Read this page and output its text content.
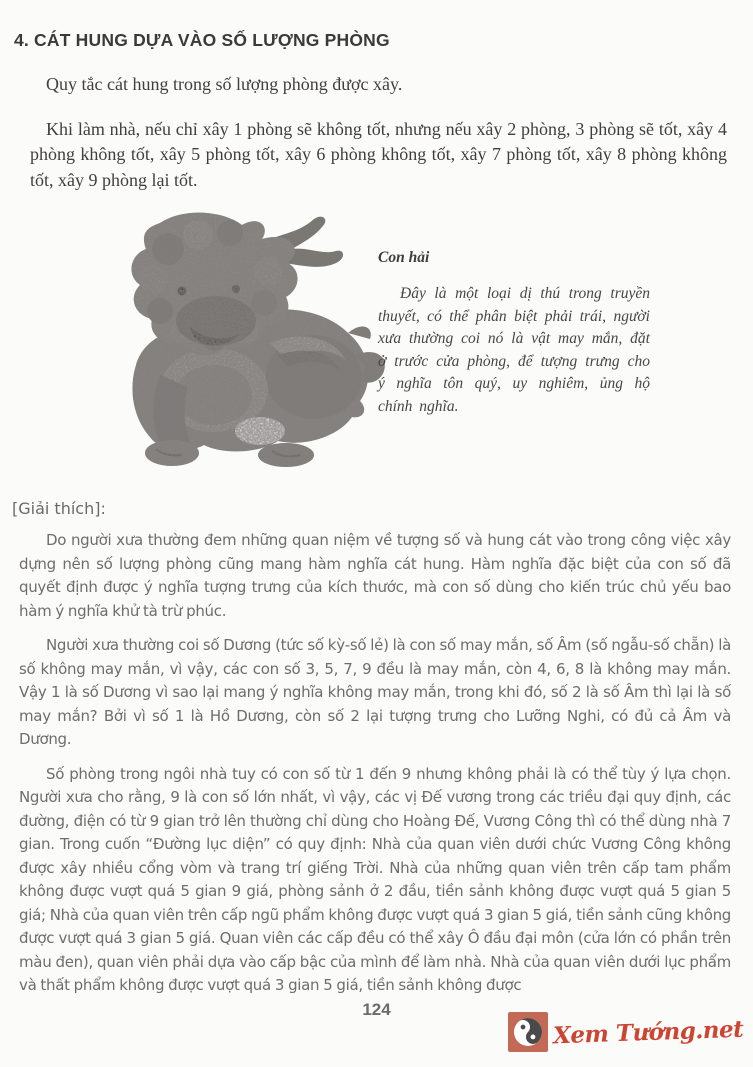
4. CÁT HUNG DỰA VÀO SỐ LƯỢNG PHÒNG

Quy tắc cát hung trong số lượng phòng được xây.

Khi làm nhà, nếu chỉ xây 1 phòng sẽ không tốt, nhưng nếu xây 2 phòng, 3 phòng sẽ tốt, xây 4 phòng không tốt, xây 5 phòng tốt, xây 6 phòng không tốt, xây 7 phòng tốt, xây 8 phòng không tốt, xây 9 phòng lại tốt.

Con hải
Đây là một loại dị thú trong truyền thuyết, có thể phân biệt phải trái, người xưa thường coi nó là vật may mắn, đặt ở trước cửa phòng, để tượng trưng cho ý nghĩa tôn quý, uy nghiêm, ủng hộ chính nghĩa.
[Giải thích]:

Do người xưa thường đem những quan niệm về tượng số và hung cát vào trong công việc xây dựng nên số lượng phòng cũng mang hàm nghĩa cát hung. Hàm nghĩa đặc biệt của con số đã quyết định được ý nghĩa tượng trưng của kích thước, mà con số dùng cho kiến trúc chủ yếu bao hàm ý nghĩa khử tà trừ phúc.

Người xưa thường coi số Dương (tức số kỳ-số lẻ) là con số may mắn, số Âm (số ngẫu-số chẵn) là số không may mắn, vì vậy, các con số 3, 5, 7, 9 đều là may mắn, còn 4, 6, 8 là không may mắn. Vậy 1 là số Dương vì sao lại mang ý nghĩa không may mắn, trong khi đó, số 2 là số Âm thì lại là số may mắn? Bởi vì số 1 là Hồ Dương, còn số 2 lại tượng trưng cho Lưỡng Nghi, có đủ cả Âm và Dương.

Số phòng trong ngôi nhà tuy có con số từ 1 đến 9 nhưng không phải là có thể tùy ý lựa chọn. Người xưa cho rằng, 9 là con số lớn nhất, vì vậy, các vị Đế vương trong các triều đại quy định, các đường, điện có từ 9 gian trở lên thường chỉ dùng cho Hoàng Đế, Vương Công thì có thể dùng nhà 7 gian. Trong cuốn “Đường lục diện” có quy định: Nhà của quan viên dưới chức Vương Công không được xây nhiều cổng vòm và trang trí giếng Trời. Nhà của những quan viên trên cấp tam phẩm không được vượt quá 5 gian 9 giá, phòng sảnh ở 2 đầu, tiền sảnh không được vượt quá 5 gian 5 giá; Nhà của quan viên trên cấp ngũ phẩm không được vượt quá 3 gian 5 giá, tiền sảnh cũng không được vượt quá 3 gian 5 giá. Quan viên các cấp đều có thể xây Ô đầu đại môn (cửa lớn có phần trên màu đen), quan viên phải dựa vào cấp bậc của mình để làm nhà. Nhà của quan viên dưới lục phẩm và thất phẩm không được vượt quá 3 gian 5 giá, tiền sảnh không được

124
Xem Tướng.net
